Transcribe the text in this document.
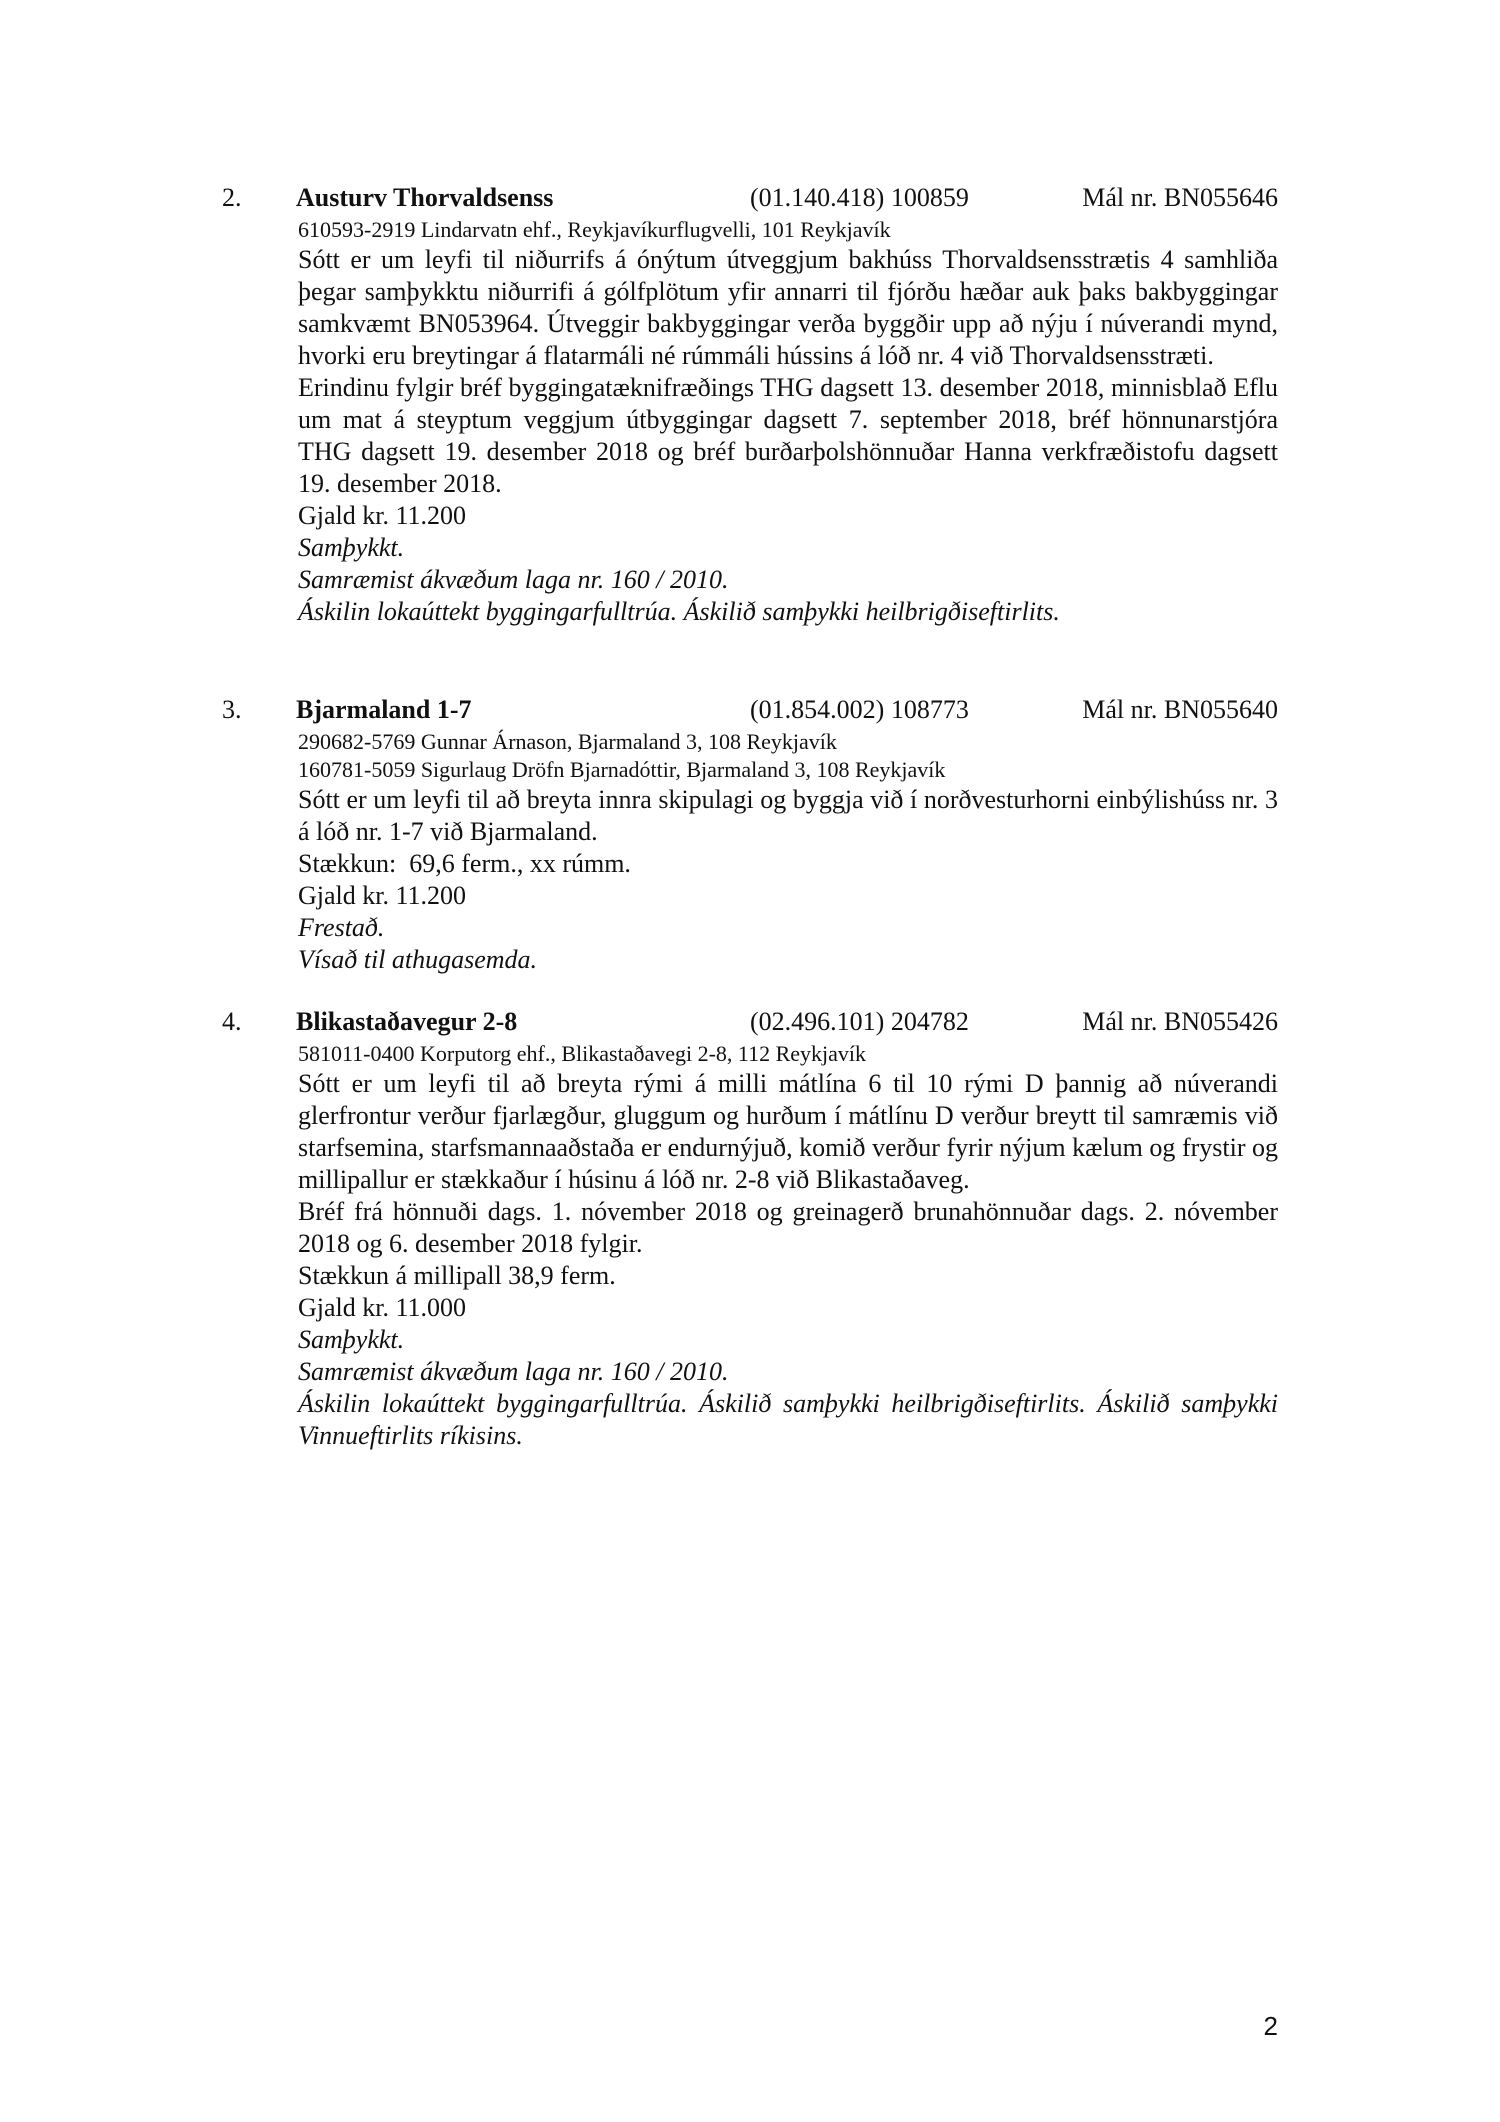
2. Austurv Thorvaldsenss	(01.140.418) 100859	Mál nr. BN055646
610593-2919 Lindarvatn ehf., Reykjavíkurflugvelli, 101 Reykjavík
Sótt er um leyfi til niðurrifs á ónýtum útveggjum bakhúss Thorvaldsensstrætis 4 samhliða þegar samþykktu niðurrifi á gólfplötum yfir annarri til fjórðu hæðar auk þaks bakbyggingar samkvæmt BN053964. Útveggir bakbyggingar verða byggðir upp að nýju í núverandi mynd, hvorki eru breytingar á flatarmáli né rúmmáli hússins á lóð nr. 4 við Thorvaldsensstræti.
Erindinu fylgir bréf byggingatæknifræðings THG dagsett 13. desember 2018, minnisblað Eflu um mat á steyptum veggjum útbyggingar dagsett 7. september 2018, bréf hönnunarstjóra THG dagsett 19. desember 2018 og bréf burðarþolshönnuðar Hanna verkfræðistofu dagsett 19. desember 2018.
Gjald kr. 11.200
Samþykkt.
Samræmist ákvæðum laga nr. 160 / 2010.
Áskilin lokaúttekt byggingarfulltrúa. Áskilið samþykki heilbrigðiseftirlits.
3. Bjarmaland 1-7	(01.854.002) 108773	Mál nr. BN055640
290682-5769 Gunnar Árnason, Bjarmaland 3, 108 Reykjavík
160781-5059 Sigurlaug Dröfn Bjarnadóttir, Bjarmaland 3, 108 Reykjavík
Sótt er um leyfi til að breyta innra skipulagi og byggja við í norðvesturhorni einbýlishúss nr. 3 á lóð nr. 1-7 við Bjarmaland.
Stækkun:  69,6 ferm., xx rúmm.
Gjald kr. 11.200
Frestað.
Vísað til athugasemda.
4. Blikastaðavegur 2-8	(02.496.101) 204782	Mál nr. BN055426
581011-0400 Korputorg ehf., Blikastaðavegi 2-8, 112 Reykjavík
Sótt er um leyfi til að breyta rými á milli mátlína 6 til 10 rými D þannig að núverandi glerfrontur verður fjarlægður, gluggum og hurðum í mátlínu D verður breytt til samræmis við starfsemina, starfsmannaaðstaða er endurnýjuð, komið verður fyrir nýjum kælum og frystir og millipallur er stækkaður í húsinu á lóð nr. 2-8 við Blikastaðaveg.
Bréf frá hönnuði dags. 1. nóvember 2018 og greinagerð brunahönnuðar dags. 2. nóvember 2018 og 6. desember 2018 fylgir.
Stækkun á millipall 38,9 ferm.
Gjald kr. 11.000
Samþykkt.
Samræmist ákvæðum laga nr. 160 / 2010.
Áskilin lokaúttekt byggingarfulltrúa. Áskilið samþykki heilbrigðiseftirlits. Áskilið samþykki Vinnueftirlits ríkisins.
2
